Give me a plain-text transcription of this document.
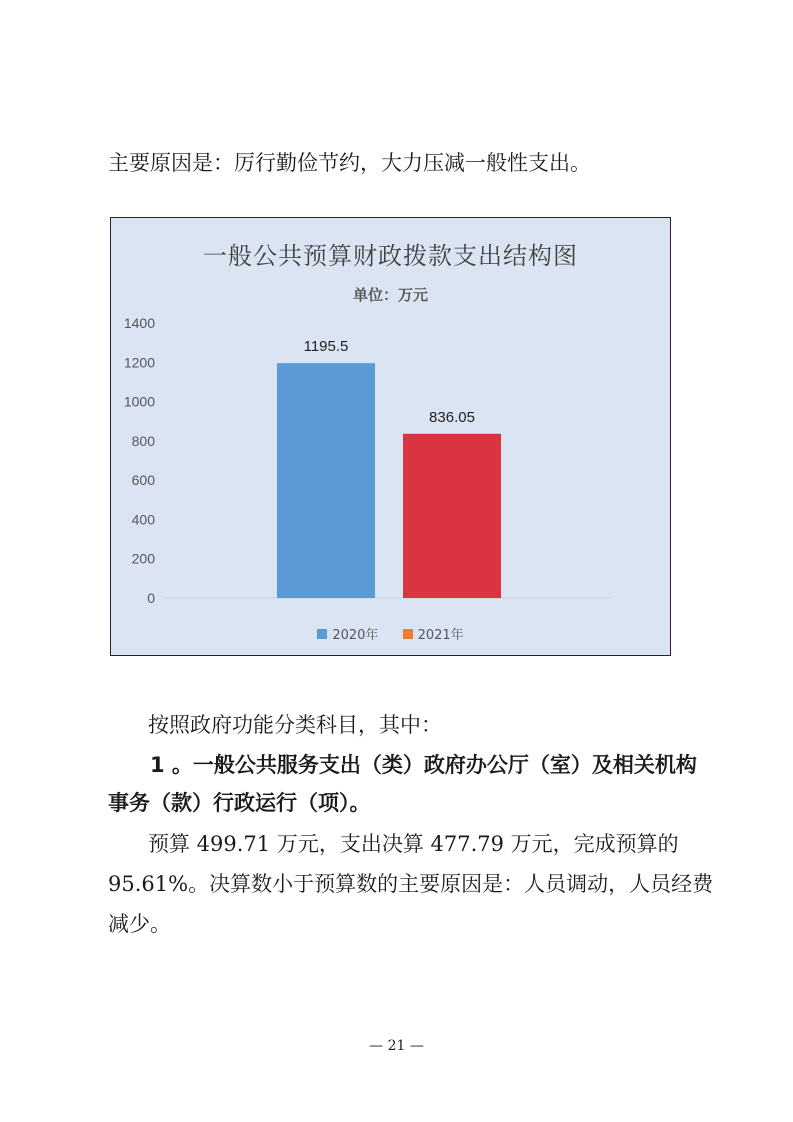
主要原因是：厉行勤俭节约，大力压减一般性支出。

一般公共预算财政拨款支出结构图
单位：万元
0
200
400
600
800
1000
1200
1400
1195.5
836.05
2020年	2021年

按照政府功能分类科目，其中：

1 。一般公共服务支出（类）政府办公厅（室）及相关机构

事务（款）行政运行（项）。

预算 499.71 万元，支出决算 477.79 万元，完成预算的

95.61%。决算数小于预算数的主要原因是：人员调动，人员经费

减少。

— 21 —
